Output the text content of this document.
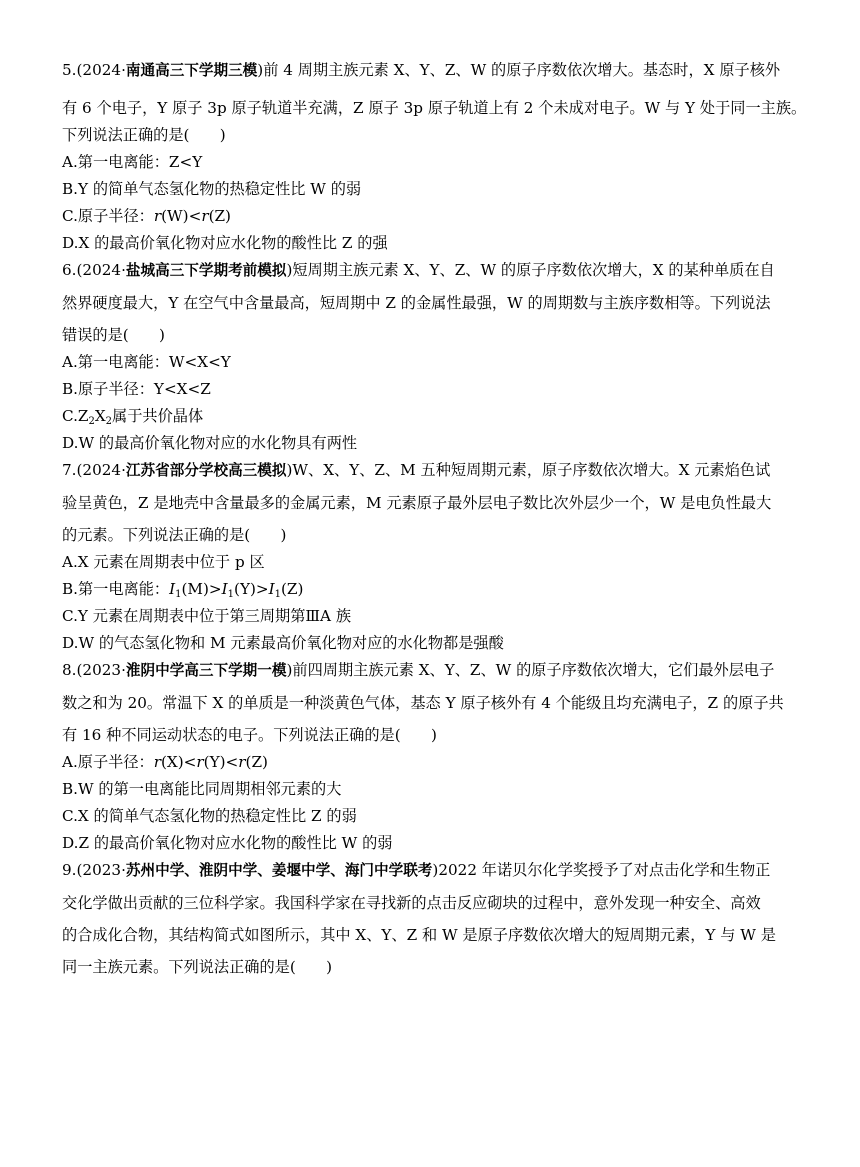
5.(2024·南通高三下学期三模)前 4 周期主族元素 X、Y、Z、W 的原子序数依次增大。基态时，X 原子核外
有 6 个电子，Y 原子 3p 原子轨道半充满，Z 原子 3p 原子轨道上有 2 个未成对电子。W 与 Y 处于同一主族。
下列说法正确的是(　　)
A.第一电离能：Z<Y
B.Y 的简单气态氢化物的热稳定性比 W 的弱
C.原子半径：r(W)<r(Z)
D.X 的最高价氧化物对应水化物的酸性比 Z 的强
6.(2024·盐城高三下学期考前模拟)短周期主族元素 X、Y、Z、W 的原子序数依次增大，X 的某种单质在自
然界硬度最大，Y 在空气中含量最高，短周期中 Z 的金属性最强，W 的周期数与主族序数相等。下列说法
错误的是(　　)
A.第一电离能：W<X<Y
B.原子半径：Y<X<Z
$C.Z_2X_2$属于共价晶体
D.W 的最高价氧化物对应的水化物具有两性
7.(2024·江苏省部分学校高三模拟)W、X、Y、Z、M 五种短周期元素，原子序数依次增大。X 元素焰色试
验呈黄色，Z 是地壳中含量最多的金属元素，M 元素原子最外层电子数比次外层少一个，W 是电负性最大
的元素。下列说法正确的是(　　)
A.X 元素在周期表中位于 p 区
B.第一电离能：$I_1(M)>I_1(Y)>I_1(Z)$
C.Y 元素在周期表中位于第三周期第ⅢA 族
D.W 的气态氢化物和 M 元素最高价氧化物对应的水化物都是强酸
8.(2023·淮阴中学高三下学期一模)前四周期主族元素 X、Y、Z、W 的原子序数依次增大，它们最外层电子
数之和为 20。常温下 X 的单质是一种淡黄色气体，基态 Y 原子核外有 4 个能级且均充满电子，Z 的原子共
有 16 种不同运动状态的电子。下列说法正确的是(　　)
A.原子半径：r(X)<r(Y)<r(Z)
B.W 的第一电离能比同周期相邻元素的大
C.X 的简单气态氢化物的热稳定性比 Z 的弱
D.Z 的最高价氧化物对应水化物的酸性比 W 的弱
9.(2023·苏州中学、淮阴中学、姜堰中学、海门中学联考)2022 年诺贝尔化学奖授予了对点击化学和生物正
交化学做出贡献的三位科学家。我国科学家在寻找新的点击反应砌块的过程中，意外发现一种安全、高效
的合成化合物，其结构简式如图所示，其中 X、Y、Z 和 W 是原子序数依次增大的短周期元素，Y 与 W 是
同一主族元素。下列说法正确的是(　　)
